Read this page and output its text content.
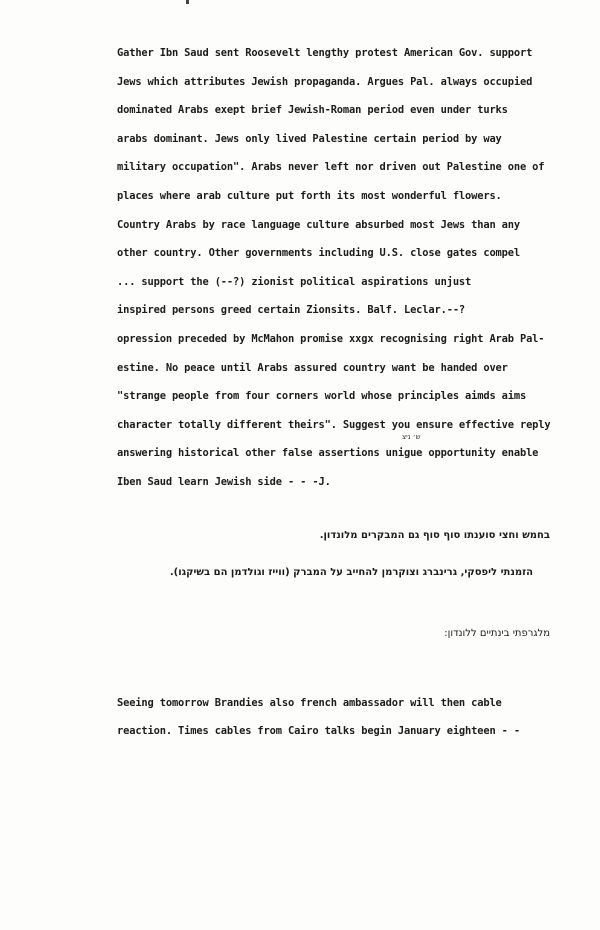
Gather Ibn Saud sent Roosevelt lengthy protest American Gov. support
Jews which attributes Jewish propaganda. Argues Pal. always occupied
dominated Arabs exept brief Jewish-Roman period even under turks
arabs dominant. Jews only lived Palestine certain period by way
military occupation". Arabs never left nor driven out Palestine one of
places where arab culture put forth its most wonderful flowers.
Country Arabs by race language culture absurbed most Jews than any
other country. Other governments including U.S. close gates compel
... support the (--?) zionist political aspirations unjust
inspired persons greed certain Zionsits. Balf. Leclar.--?
opression preceded by McMahon promise xxgx recognising right Arab Pal-
estine. No peace until Arabs assured country want be handed over
"strange people from four corners world whose principles aimds aims
character totally different theirs". Suggest you ensure effective reply
answering historical other false assertions unigue opportunity enable
Iben Saud learn Jewish side - - -J.
ש׳ ניצ

בחמש וחצי סוענתו סוף סוף גם המבקרים מלונדון.

הזמנתי ליפסקי, גרינברג וצוקרמן להחייב על המברק (ווייז וגולדמן הם בשיקגו).

מלגרפתי בינתיים ללונדון:

Seeing tomorrow Brandies also french ambassador will then cable
reaction. Times cables from Cairo talks begin January eighteen - -
